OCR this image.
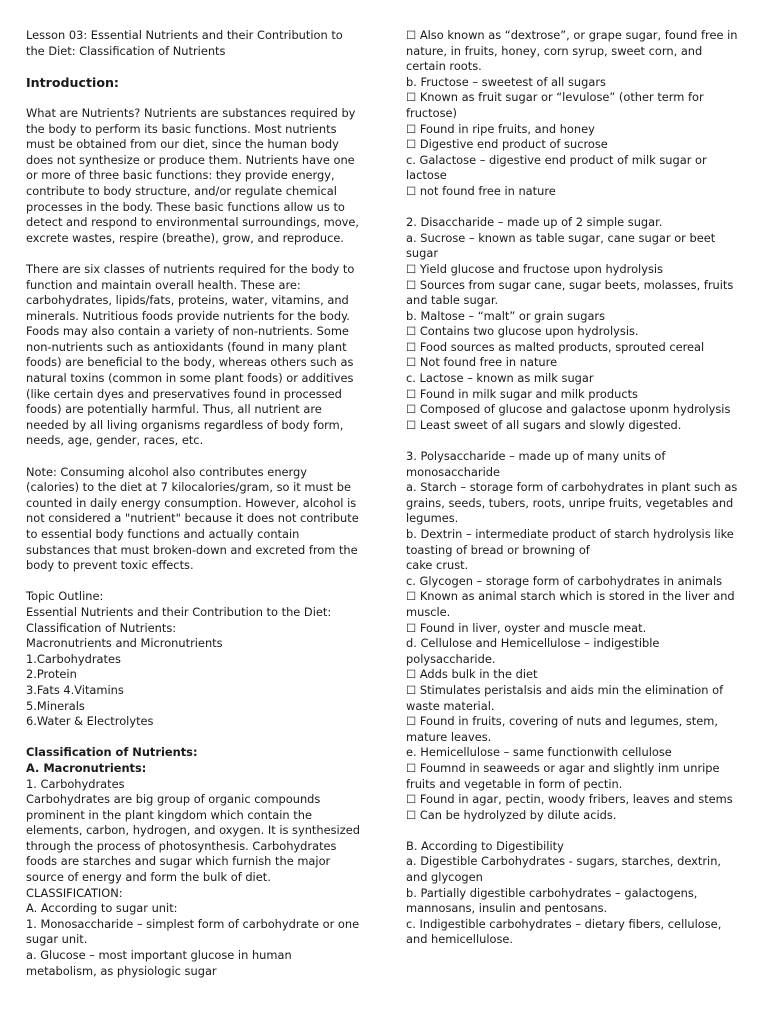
Lesson 03: Essential Nutrients and their Contribution to the Diet: Classification of Nutrients

Introduction:

What are Nutrients? Nutrients are substances required by the body to perform its basic functions. Most nutrients must be obtained from our diet, since the human body does not synthesize or produce them. Nutrients have one or more of three basic functions: they provide energy, contribute to body structure, and/or regulate chemical processes in the body. These basic functions allow us to detect and respond to environmental surroundings, move, excrete wastes, respire (breathe), grow, and reproduce.

There are six classes of nutrients required for the body to function and maintain overall health. These are: carbohydrates, lipids/fats, proteins, water, vitamins, and minerals. Nutritious foods provide nutrients for the body. Foods may also contain a variety of non-nutrients. Some non-nutrients such as antioxidants (found in many plant foods) are beneficial to the body, whereas others such as natural toxins (common in some plant foods) or additives (like certain dyes and preservatives found in processed foods) are potentially harmful. Thus, all nutrient are needed by all living organisms regardless of body form, needs, age, gender, races, etc.

Note: Consuming alcohol also contributes energy (calories) to the diet at 7 kilocalories/gram, so it must be counted in daily energy consumption. However, alcohol is not considered a "nutrient" because it does not contribute to essential body functions and actually contain substances that must broken-down and excreted from the body to prevent toxic effects.

Topic Outline:

Essential Nutrients and their Contribution to the Diet:

Classification of Nutrients:

Macronutrients and Micronutrients

1.Carbohydrates

2.Protein

3.Fats 4.Vitamins

5.Minerals

6.Water & Electrolytes

Classification of Nutrients:

A. Macronutrients:

1. Carbohydrates

Carbohydrates are big group of organic compounds prominent in the plant kingdom which contain the elements, carbon, hydrogen, and oxygen. It is synthesized through the process of photosynthesis. Carbohydrates foods are starches and sugar which furnish the major source of energy and form the bulk of diet.

CLASSIFICATION:

A. According to sugar unit:

1. Monosaccharide – simplest form of carbohydrate or one sugar unit.

a. Glucose – most important glucose in human metabolism, as physiologic sugar

☐ Also known as “dextrose”, or grape sugar, found free in nature, in fruits, honey, corn syrup, sweet corn, and certain roots.

b. Fructose – sweetest of all sugars

☐ Known as fruit sugar or “levulose” (other term for fructose)

☐ Found in ripe fruits, and honey

☐ Digestive end product of sucrose

c. Galactose – digestive end product of milk sugar or lactose

☐ not found free in nature

2. Disaccharide – made up of 2 simple sugar.

a. Sucrose – known as table sugar, cane sugar or beet sugar

☐ Yield glucose and fructose upon hydrolysis

☐ Sources from sugar cane, sugar beets, molasses, fruits and table sugar.

b. Maltose – “malt” or grain sugars

☐ Contains two glucose upon hydrolysis.

☐ Food sources as malted products, sprouted cereal

☐ Not found free in nature

c. Lactose – known as milk sugar

☐ Found in milk sugar and milk products

☐ Composed of glucose and galactose uponm hydrolysis

☐ Least sweet of all sugars and slowly digested.

3. Polysaccharide – made up of many units of monosaccharide

a. Starch – storage form of carbohydrates in plant such as grains, seeds, tubers, roots, unripe fruits, vegetables and legumes.

b. Dextrin – intermediate product of starch hydrolysis like toasting of bread or browning of

cake crust.

c. Glycogen – storage form of carbohydrates in animals

☐ Known as animal starch which is stored in the liver and muscle.

☐ Found in liver, oyster and muscle meat.

d. Cellulose and Hemicellulose – indigestible polysaccharide.

☐ Adds bulk in the diet

☐ Stimulates peristalsis and aids min the elimination of waste material.

☐ Found in fruits, covering of nuts and legumes, stem, mature leaves.

e. Hemicellulose – same functionwith cellulose

☐ Foumnd in seaweeds or agar and slightly inm unripe fruits and vegetable in form of pectin.

☐ Found in agar, pectin, woody fribers, leaves and stems

☐ Can be hydrolyzed by dilute acids.

B. According to Digestibility

a. Digestible Carbohydrates - sugars, starches, dextrin, and glycogen

b. Partially digestible carbohydrates – galactogens, mannosans, insulin and pentosans.

c. Indigestible carbohydrates – dietary fibers, cellulose, and hemicellulose.
